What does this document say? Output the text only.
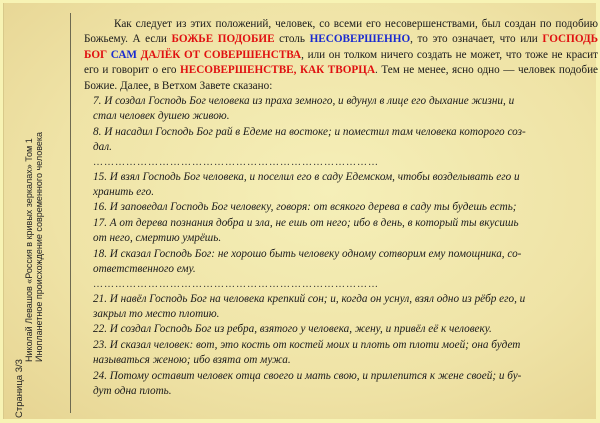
Страница 3/3
Николай Левашов «Россия в кривых зеркалах» Том 1 Инопланетное происхождение современного человека

Как следует из этих положений, человек, со всеми его несовершенствами, был создан по подобию Божьему. А если БОЖЬЕ ПОДОБИЕ столь НЕСОВЕРШЕННО, то это означает, что или ГОСПОДЬ БОГ САМ ДАЛЁК ОТ СОВЕРШЕНСТВА, или он толком ничего создать не может, что тоже не красит его и говорит о его НЕСОВЕРШЕНСТВЕ, КАК ТВОРЦА. Тем не менее, ясно одно — человек подобие Божие. Далее, в Ветхом Завете сказано:

7. И создал Господь Бог человека из праха земного, и вдунул в лице его дыхание жизни, и
стал человек душею живою.

8. И насадил Господь Бог рай в Едеме на востоке; и поместил там человека которого соз-
дал.

……………………………………………………………………

15. И взял Господь Бог человека, и поселил его в саду Едемском, чтобы возделывать его и
хранить его.

16. И заповедал Господь Бог человеку, говоря: от всякого дерева в саду ты будешь есть;

17. А от дерева познания добра и зла, не ешь от него; ибо в день, в который ты вкусишь
от него, смертию умрёшь.

18. И сказал Господь Бог: не хорошо быть человеку одному сотворим ему помощника, со-
ответственного ему.

……………………………………………………………………

21. И навёл Господь Бог на человека крепкий сон; и, когда он уснул, взял одно из рёбр его, и
закрыл то место плотию.

22. И создал Господь Бог из ребра, взятого у человека, жену, и привёл её к человеку.

23. И сказал человек: вот, это кость от костей моих и плоть от плоти моей; она будет
называться женою; ибо взята от мужа.

24. Потому оставит человек отца своего и мать свою, и прилепится к жене своей; и бу-
дут одна плоть.
